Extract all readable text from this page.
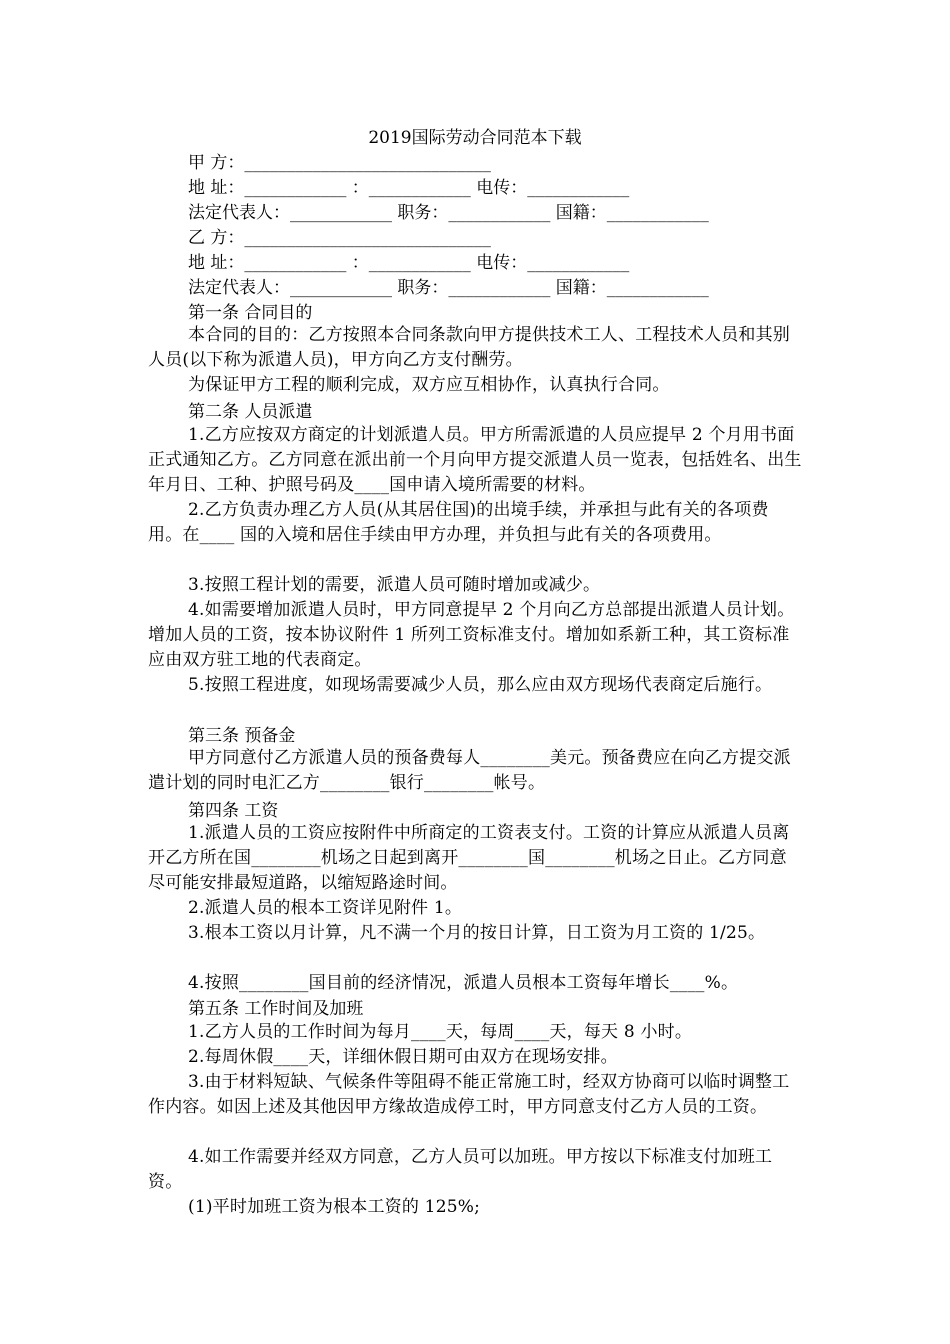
2019国际劳动合同范本下载
甲 方：_____________________________
地 址：____________ ：____________ 电传：____________
法定代表人：____________ 职务：____________ 国籍：____________
乙 方：_____________________________
地 址：____________ ：____________ 电传：____________
法定代表人：____________ 职务：____________ 国籍：____________
第一条 合同目的
本合同的目的：乙方按照本合同条款向甲方提供技术工人、工程技术人员和其别人员(以下称为派遣人员)，甲方向乙方支付酬劳。
为保证甲方工程的顺利完成，双方应互相协作，认真执行合同。
第二条 人员派遣
1.乙方应按双方商定的计划派遣人员。甲方所需派遣的人员应提早 2 个月用书面正式通知乙方。乙方同意在派出前一个月向甲方提交派遣人员一览表，包括姓名、出生年月日、工种、护照号码及____国申请入境所需要的材料。
2.乙方负责办理乙方人员(从其居住国)的出境手续，并承担与此有关的各项费用。在____ 国的入境和居住手续由甲方办理，并负担与此有关的各项费用。
3.按照工程计划的需要，派遣人员可随时增加或减少。
4.如需要增加派遣人员时，甲方同意提早 2 个月向乙方总部提出派遣人员计划。增加人员的工资，按本协议附件 1 所列工资标准支付。增加如系新工种，其工资标准应由双方驻工地的代表商定。
5.按照工程进度，如现场需要减少人员，那么应由双方现场代表商定后施行。
第三条 预备金
甲方同意付乙方派遣人员的预备费每人________美元。预备费应在向乙方提交派遣计划的同时电汇乙方________银行________帐号。
第四条 工资
1.派遣人员的工资应按附件中所商定的工资表支付。工资的计算应从派遣人员离开乙方所在国________机场之日起到离开________国________机场之日止。乙方同意尽可能安排最短道路，以缩短路途时间。
2.派遣人员的根本工资详见附件 1。
3.根本工资以月计算，凡不满一个月的按日计算，日工资为月工资的 1/25。
4.按照________国目前的经济情况，派遣人员根本工资每年增长____%。
第五条 工作时间及加班
1.乙方人员的工作时间为每月____天，每周____天，每天 8 小时。
2.每周休假____天，详细休假日期可由双方在现场安排。
3.由于材料短缺、气候条件等阻碍不能正常施工时，经双方协商可以临时调整工作内容。如因上述及其他因甲方缘故造成停工时，甲方同意支付乙方人员的工资。
4.如工作需要并经双方同意，乙方人员可以加班。甲方按以下标准支付加班工资。
(1)平时加班工资为根本工资的 125%;
